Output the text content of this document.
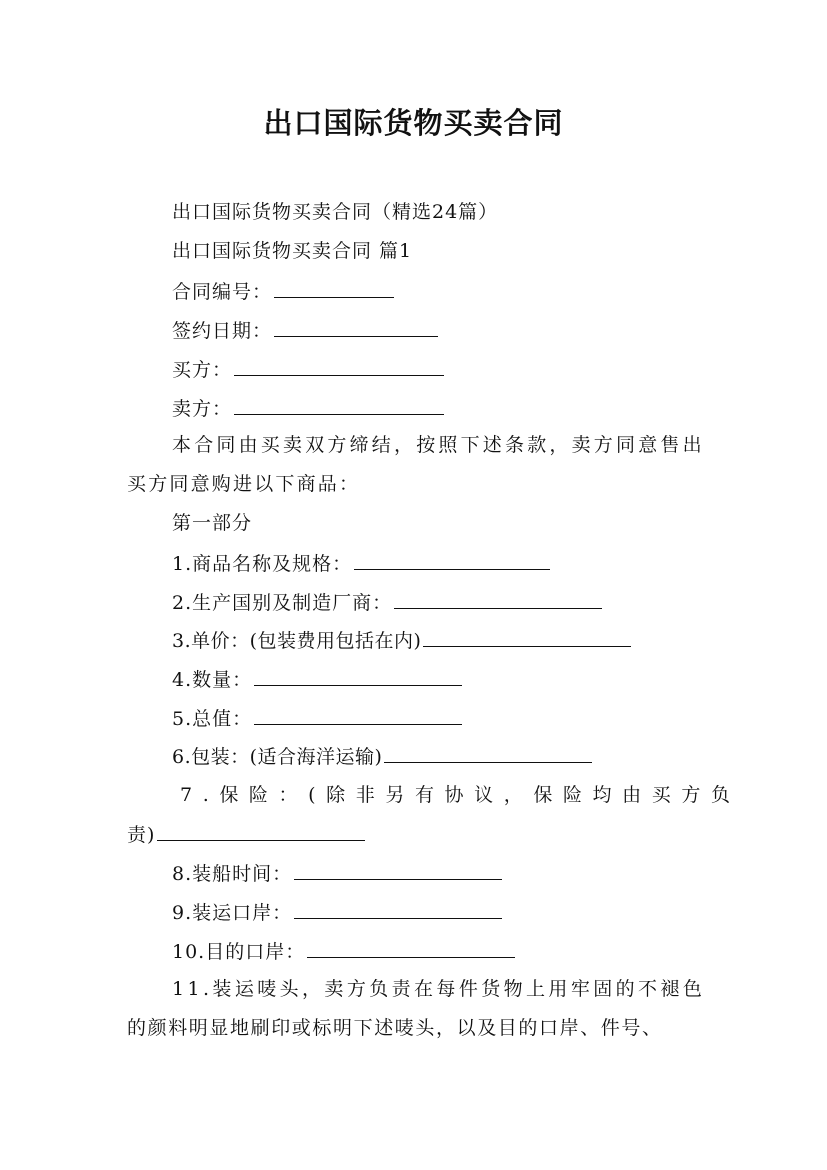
出口国际货物买卖合同
出口国际货物买卖合同（精选24篇）
出口国际货物买卖合同 篇1
合同编号：
签约日期：
买方：
卖方：
本合同由买卖双方缔结，按照下述条款，卖方同意售出
买方同意购进以下商品：
第一部分
1.商品名称及规格：
2.生产国别及制造厂商：
3.单价：(包装费用包括在内)
4.数量：
5.总值：
6.包装：(适合海洋运输)
7.保险：(除非另有协议，保险均由买方负
责)
8.装船时间：
9.装运口岸：
10.目的口岸：
11.装运唛头，卖方负责在每件货物上用牢固的不褪色
的颜料明显地刷印或标明下述唛头，以及目的口岸、件号、
